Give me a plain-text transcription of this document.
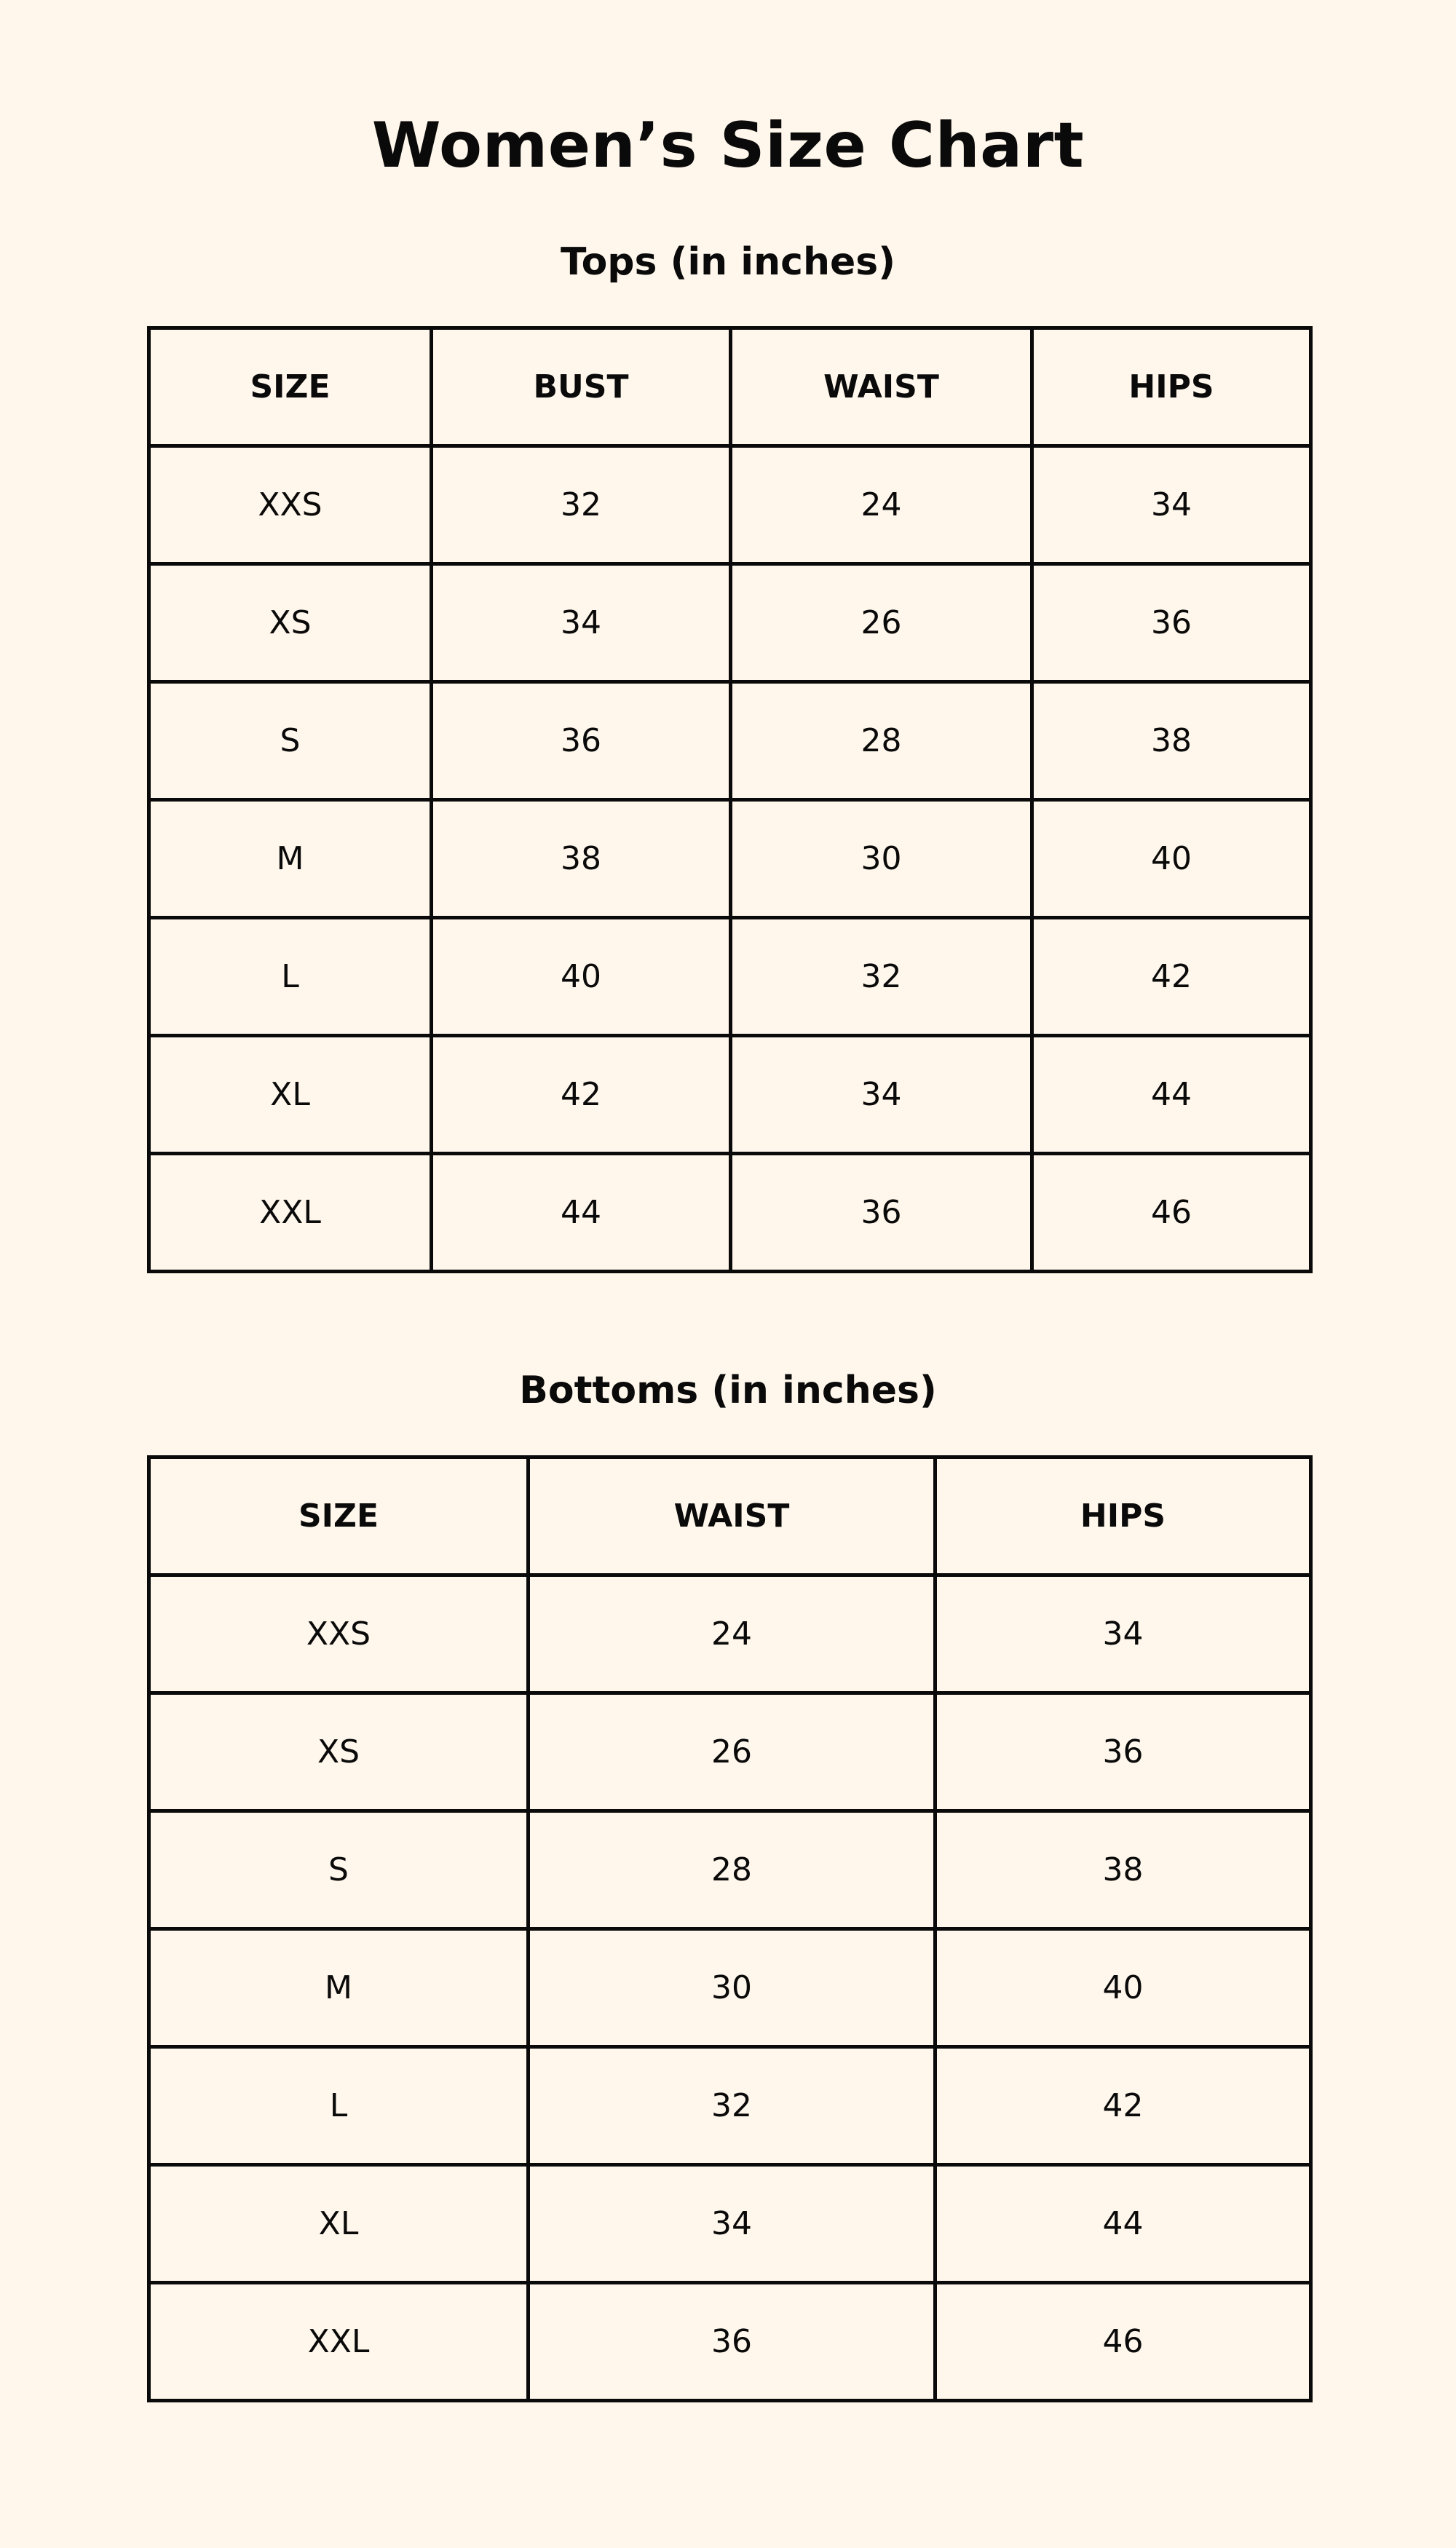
Women’s Size Chart
Tops (in inches)
SIZE	BUST	WAIST	HIPS
XXS	32	24	34
XS	34	26	36
S	36	28	38
M	38	30	40
L	40	32	42
XL	42	34	44
XXL	44	36	46
Bottoms (in inches)
SIZE	WAIST	HIPS
XXS	24	34
XS	26	36
S	28	38
M	30	40
L	32	42
XL	34	44
XXL	36	46
